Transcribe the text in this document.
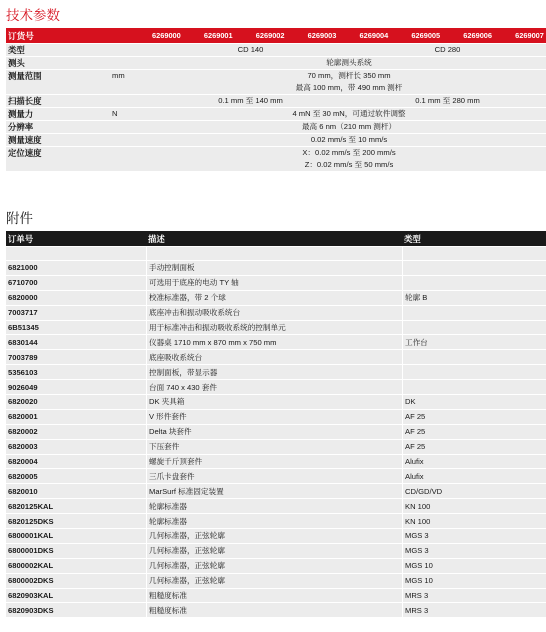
技术参数
订货号	6269000	6269001	6269002	6269003	6269004	6269005	6269006	6269007
类型	CD 140	CD 280
测头	轮廓测头系统
测量范围	mm	70 mm，测杆长 350 mm
最高 100 mm，带 490 mm 测杆
扫描长度	0.1 mm 至 140 mm	0.1 mm 至 280 mm
测量力	N	4 mN 至 30 mN，可通过软件调整
分辨率	最高 6 nm（210 mm 测杆）
测量速度	0.02 mm/s 至 10 mm/s
定位速度	X：0.02 mm/s 至 200 mm/s
Z：0.02 mm/s 至 50 mm/s
附件
订单号	描述	类型
6821000	手动控制面板
6710700	可选用于底座的电动 TY 轴
6820000	校准标准器，带 2 个球	轮廓 B
7003717	底座冲击和振动吸收系统台
6B51345	用于标准冲击和振动吸收系统的控制单元
6830144	仪器桌 1710 mm x 870 mm x 750 mm	工作台
7003789	底座吸收系统台
5356103	控制面板，带显示器
9026049	台面 740 x 430 套件
6820020	DK 夹具箱	DK
6820001	V 形件套件	AF 25
6820002	Delta 块套件	AF 25
6820003	下压套件	AF 25
6820004	螺旋千斤顶套件	Alufix
6820005	三爪卡盘套件	Alufix
6820010	MarSurf 标准固定装置	CD/GD/VD
6820125KAL	轮廓标准器	KN 100
6820125DKS	轮廓标准器	KN 100
6800001KAL	几何标准器，正弦轮廓	MGS 3
6800001DKS	几何标准器，正弦轮廓	MGS 3
6800002KAL	几何标准器，正弦轮廓	MGS 10
6800002DKS	几何标准器，正弦轮廓	MGS 10
6820903KAL	粗糙度标准	MRS 3
6820903DKS	粗糙度标准	MRS 3
